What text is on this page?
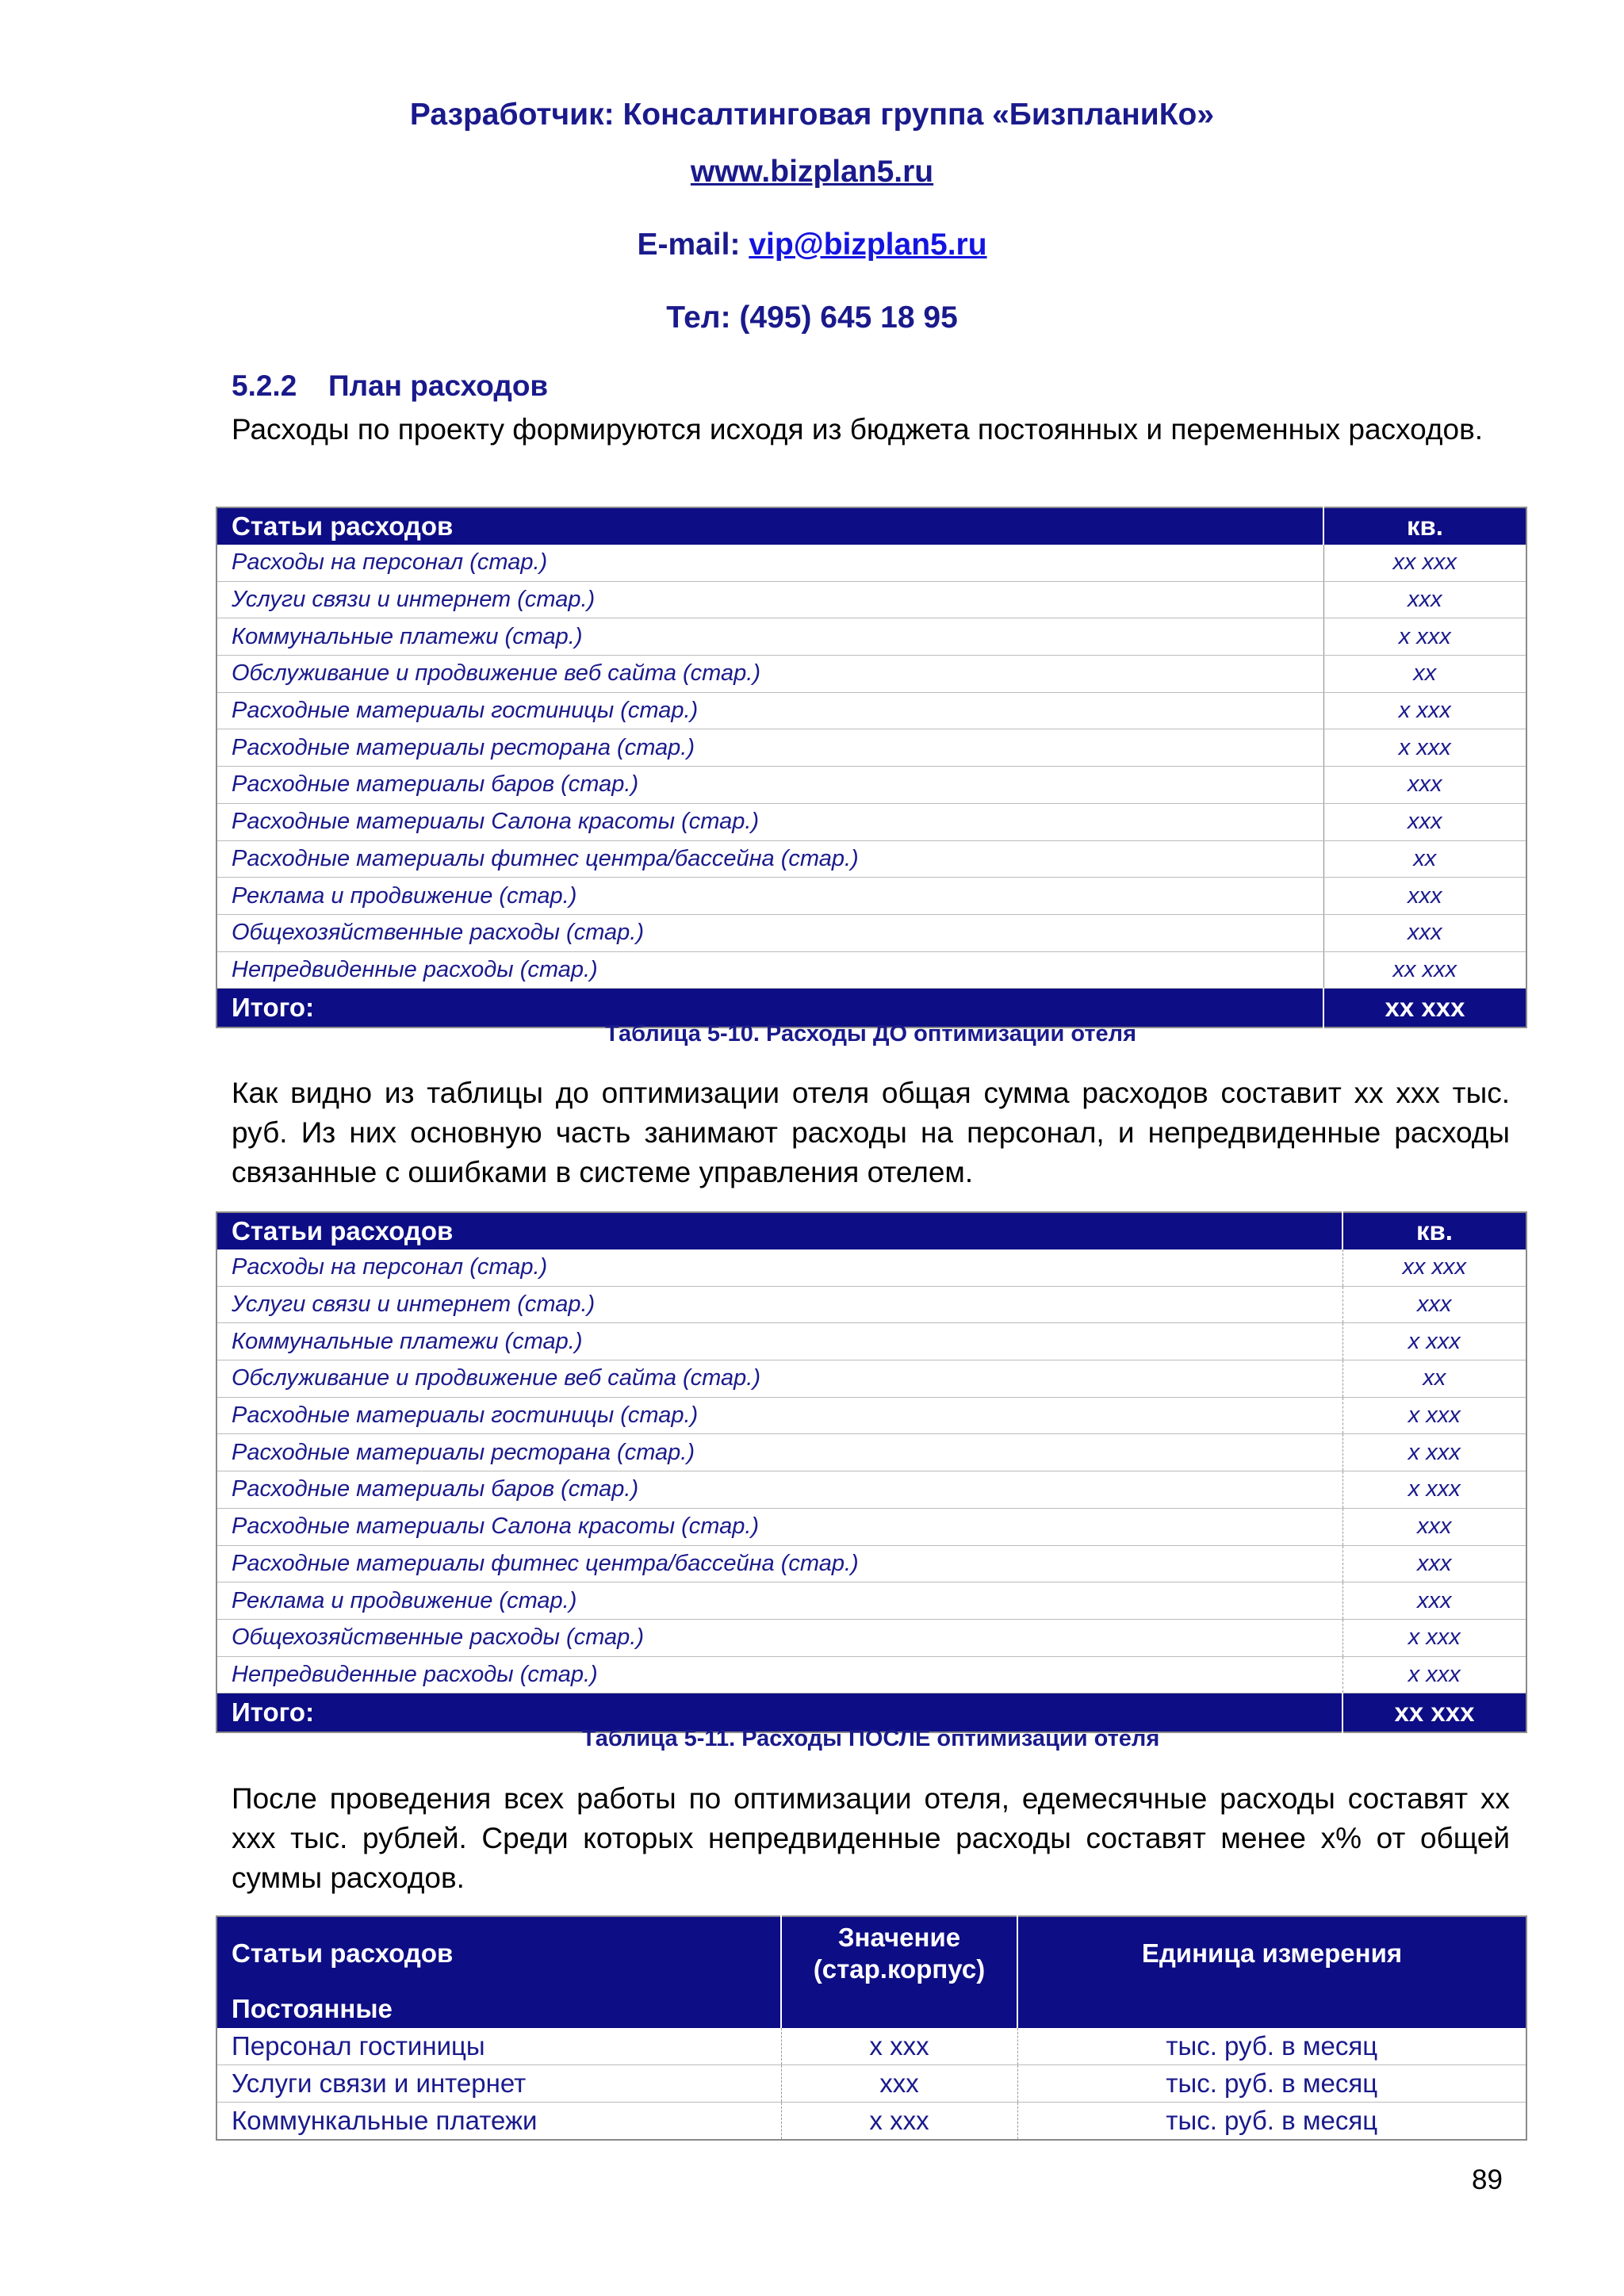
Разработчик: Консалтинговая группа «БизпланиКо»
www.bizplan5.ru
E-mail: vip@bizplan5.ru
Тел: (495) 645 18 95
5.2.2 План расходов
Расходы по проекту формируются исходя из бюджета постоянных и переменных расходов.
Статьи расходов	кв.
Расходы на персонал (стар.)	xx xxx
Услуги связи и интернет (стар.)	xxx
Коммунальные платежи (стар.)	x xxx
Обслуживание и продвижение веб сайта (стар.)	xx
Расходные материалы гостиницы (стар.)	x xxx
Расходные материалы ресторана (стар.)	x xxx
Расходные материалы баров (стар.)	xxx
Расходные материалы Салона красоты (стар.)	xxx
Расходные материалы фитнес центра/бассейна (стар.)	xx
Реклама и продвижение (стар.)	xxx
Общехозяйственные расходы (стар.)	xxx
Непредвиденные расходы (стар.)	xx xxx
Итого:	xx xxx
Таблица 5-10. Расходы ДО оптимизации отеля
Как видно из таблицы до оптимизации отеля общая сумма расходов составит хх ххх тыс. руб. Из них основную часть занимают расходы на персонал, и непредвиденные расходы связанные с ошибками в системе управления отелем.
Статьи расходов	кв.
Расходы на персонал (стар.)	xx xxx
Услуги связи и интернет (стар.)	xxx
Коммунальные платежи (стар.)	x xxx
Обслуживание и продвижение веб сайта (стар.)	xx
Расходные материалы гостиницы (стар.)	x xxx
Расходные материалы ресторана (стар.)	x xxx
Расходные материалы баров (стар.)	x xxx
Расходные материалы Салона красоты (стар.)	xxx
Расходные материалы фитнес центра/бассейна (стар.)	xxx
Реклама и продвижение (стар.)	xxx
Общехозяйственные расходы (стар.)	x xxx
Непредвиденные расходы (стар.)	x xxx
Итого:	xx xxx
Таблица 5-11. Расходы ПОСЛЕ оптимизации отеля
После проведения всех работы по оптимизации отеля, едемесячные расходы составят хх ххх тыс. рублей. Среди которых непредвиденные расходы составят менее х% от общей суммы расходов.
Статьи расходов	Значение (стар.корпус)	Единица измерения
Постоянные		
Персонал гостиницы	x xxx	тыс. руб. в месяц
Услуги связи и интернет	xxx	тыс. руб. в месяц
Коммункальные платежи	x xxx	тыс. руб. в месяц
89
